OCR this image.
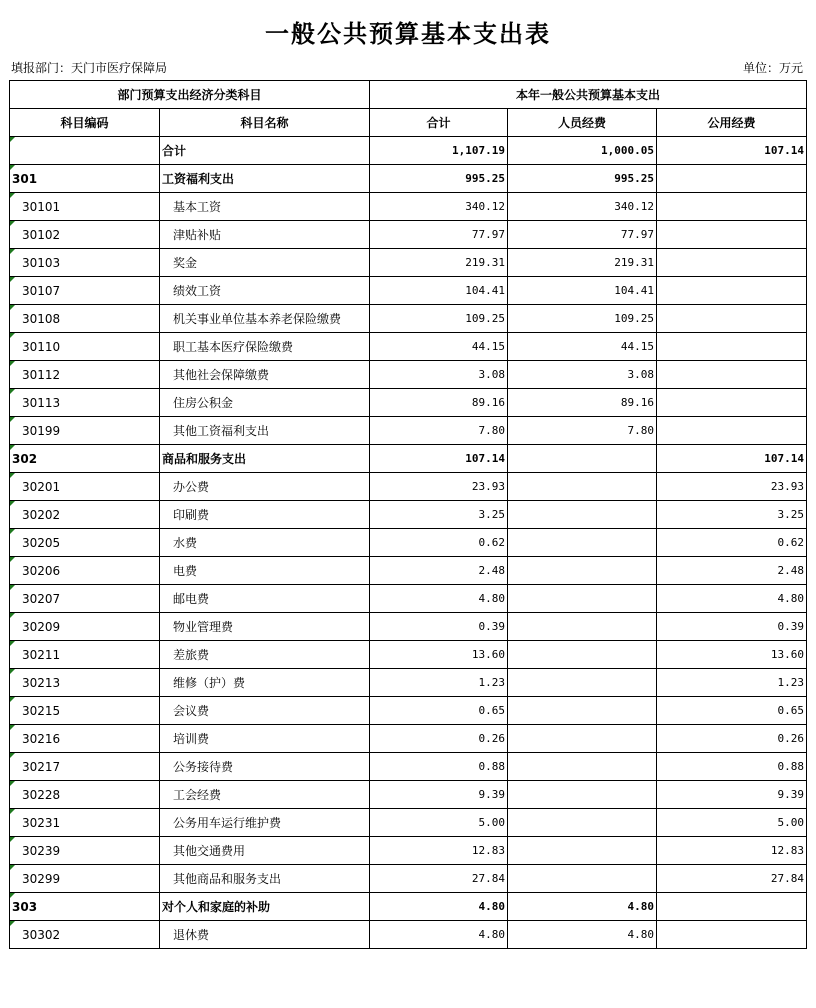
一般公共预算基本支出表
填报部门：天门市医疗保障局	单位：万元
部门预算支出经济分类科目		本年一般公共预算基本支出		
科目编码	科目名称	合计	人员经费	公用经费

	合计	1,107.19	1,000.05	107.14

301	工资福利支出	995.25	995.25	

30101	基本工资	340.12	340.12	

30102	津贴补贴	77.97	77.97	

30103	奖金	219.31	219.31	

30107	绩效工资	104.41	104.41	

30108	机关事业单位基本养老保险缴费	109.25	109.25	

30110	职工基本医疗保险缴费	44.15	44.15	

30112	其他社会保障缴费	3.08	3.08	

30113	住房公积金	89.16	89.16	

30199	其他工资福利支出	7.80	7.80	

302	商品和服务支出	107.14		107.14

30201	办公费	23.93		23.93

30202	印刷费	3.25		3.25

30205	水费	0.62		0.62

30206	电费	2.48		2.48

30207	邮电费	4.80		4.80

30209	物业管理费	0.39		0.39

30211	差旅费	13.60		13.60

30213	维修（护）费	1.23		1.23

30215	会议费	0.65		0.65

30216	培训费	0.26		0.26

30217	公务接待费	0.88		0.88

30228	工会经费	9.39		9.39

30231	公务用车运行维护费	5.00		5.00

30239	其他交通费用	12.83		12.83

30299	其他商品和服务支出	27.84		27.84

303	对个人和家庭的补助	4.80	4.80	

30302	退休费	4.80	4.80	
